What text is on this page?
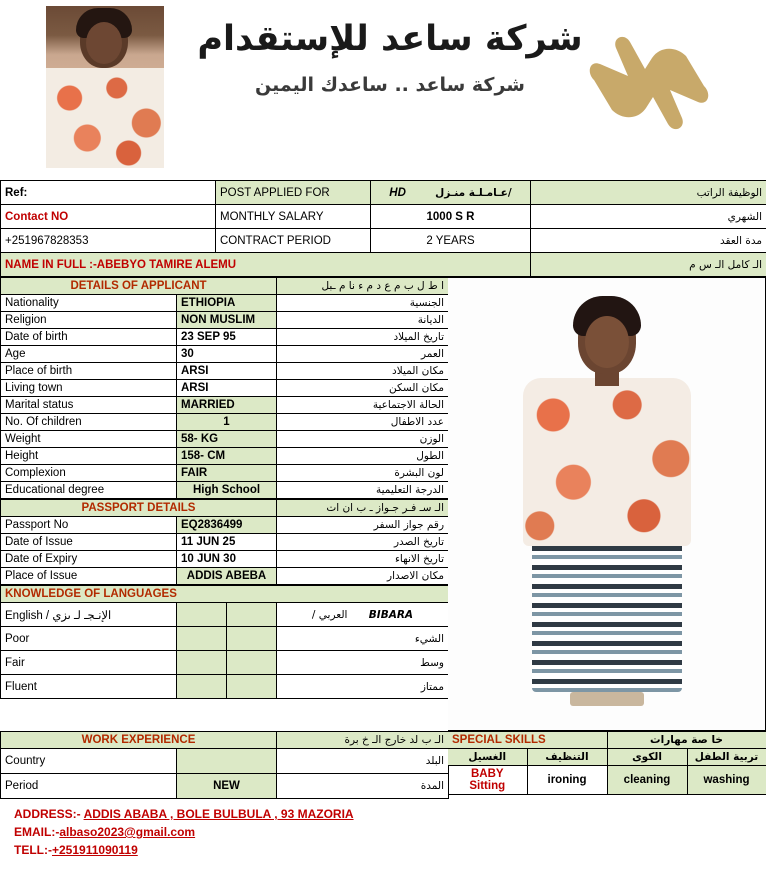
شركة ساعد للإستقدام
شركة ساعد .. ساعدك اليمين
Ref:	POST APPLIED FOR	HD عـامـلـة منـزل/		الوظيفة الراتب
Contact NO	MONTHLY SALARY	1000 S R		الشهري
+251967828353	CONTRACT PERIOD	2 YEARS		مدة العقد
NAME IN FULL :-ABEBYO TAMIRE ALEMU				الـ كامل الـ س م
DETAILS OF APPLICANT		ا ط ل ب م ع د م ء نا م ـبل
Nationality	ETHIOPIA	الجنسية
Religion	NON MUSLIM	الديانة
Date of birth	23 SEP 95	تاريخ الميلاد
Age	30	العمر
Place of birth	ARSI	مكان الميلاد
Living town	ARSI	مكان السكن
Marital status	MARRIED	الحالة الاجتماعية
No. Of children	1	عدد الاطفال
Weight	58- KG	الوزن
Height	158- CM	الطول
Complexion	FAIR	لون البشرة
Educational degree	High School	الدرجة التعليمية
PASSPORT DETAILS		الـ سـ فـر جـواز ـ ب ان ات
Passport No	EQ2836499	رقم جواز السفر
Date of Issue	11 JUN 25	تاريخ الصدر
Date of Expiry	10 JUN 30	تاريخ الانهاء
Place of Issue	ADDIS ABEBA	مكان الاصدار
KNOWLEDGE OF LANGUAGES			
English / الإنـجـ لـ ىزي			BIBARA العربي /
Poor			الشيء
Fair			وسط
Fluent			ممتاز
WORK EXPERIENCE		الـ ب لد خارج الـ خ برة
Country		البلد
Period	NEW	المدة
SPECIAL SKILLS		خا صة مهارات	
الغسيل	التنظيف	الكوى	تربية الطفل
BABY Sitting	ironing	cleaning	washing
ADDRESS:- ADDIS ABABA , BOLE BULBULA , 93 MAZORIA
EMAIL:-albaso2023@gmail.com
TELL:-+251911090119
